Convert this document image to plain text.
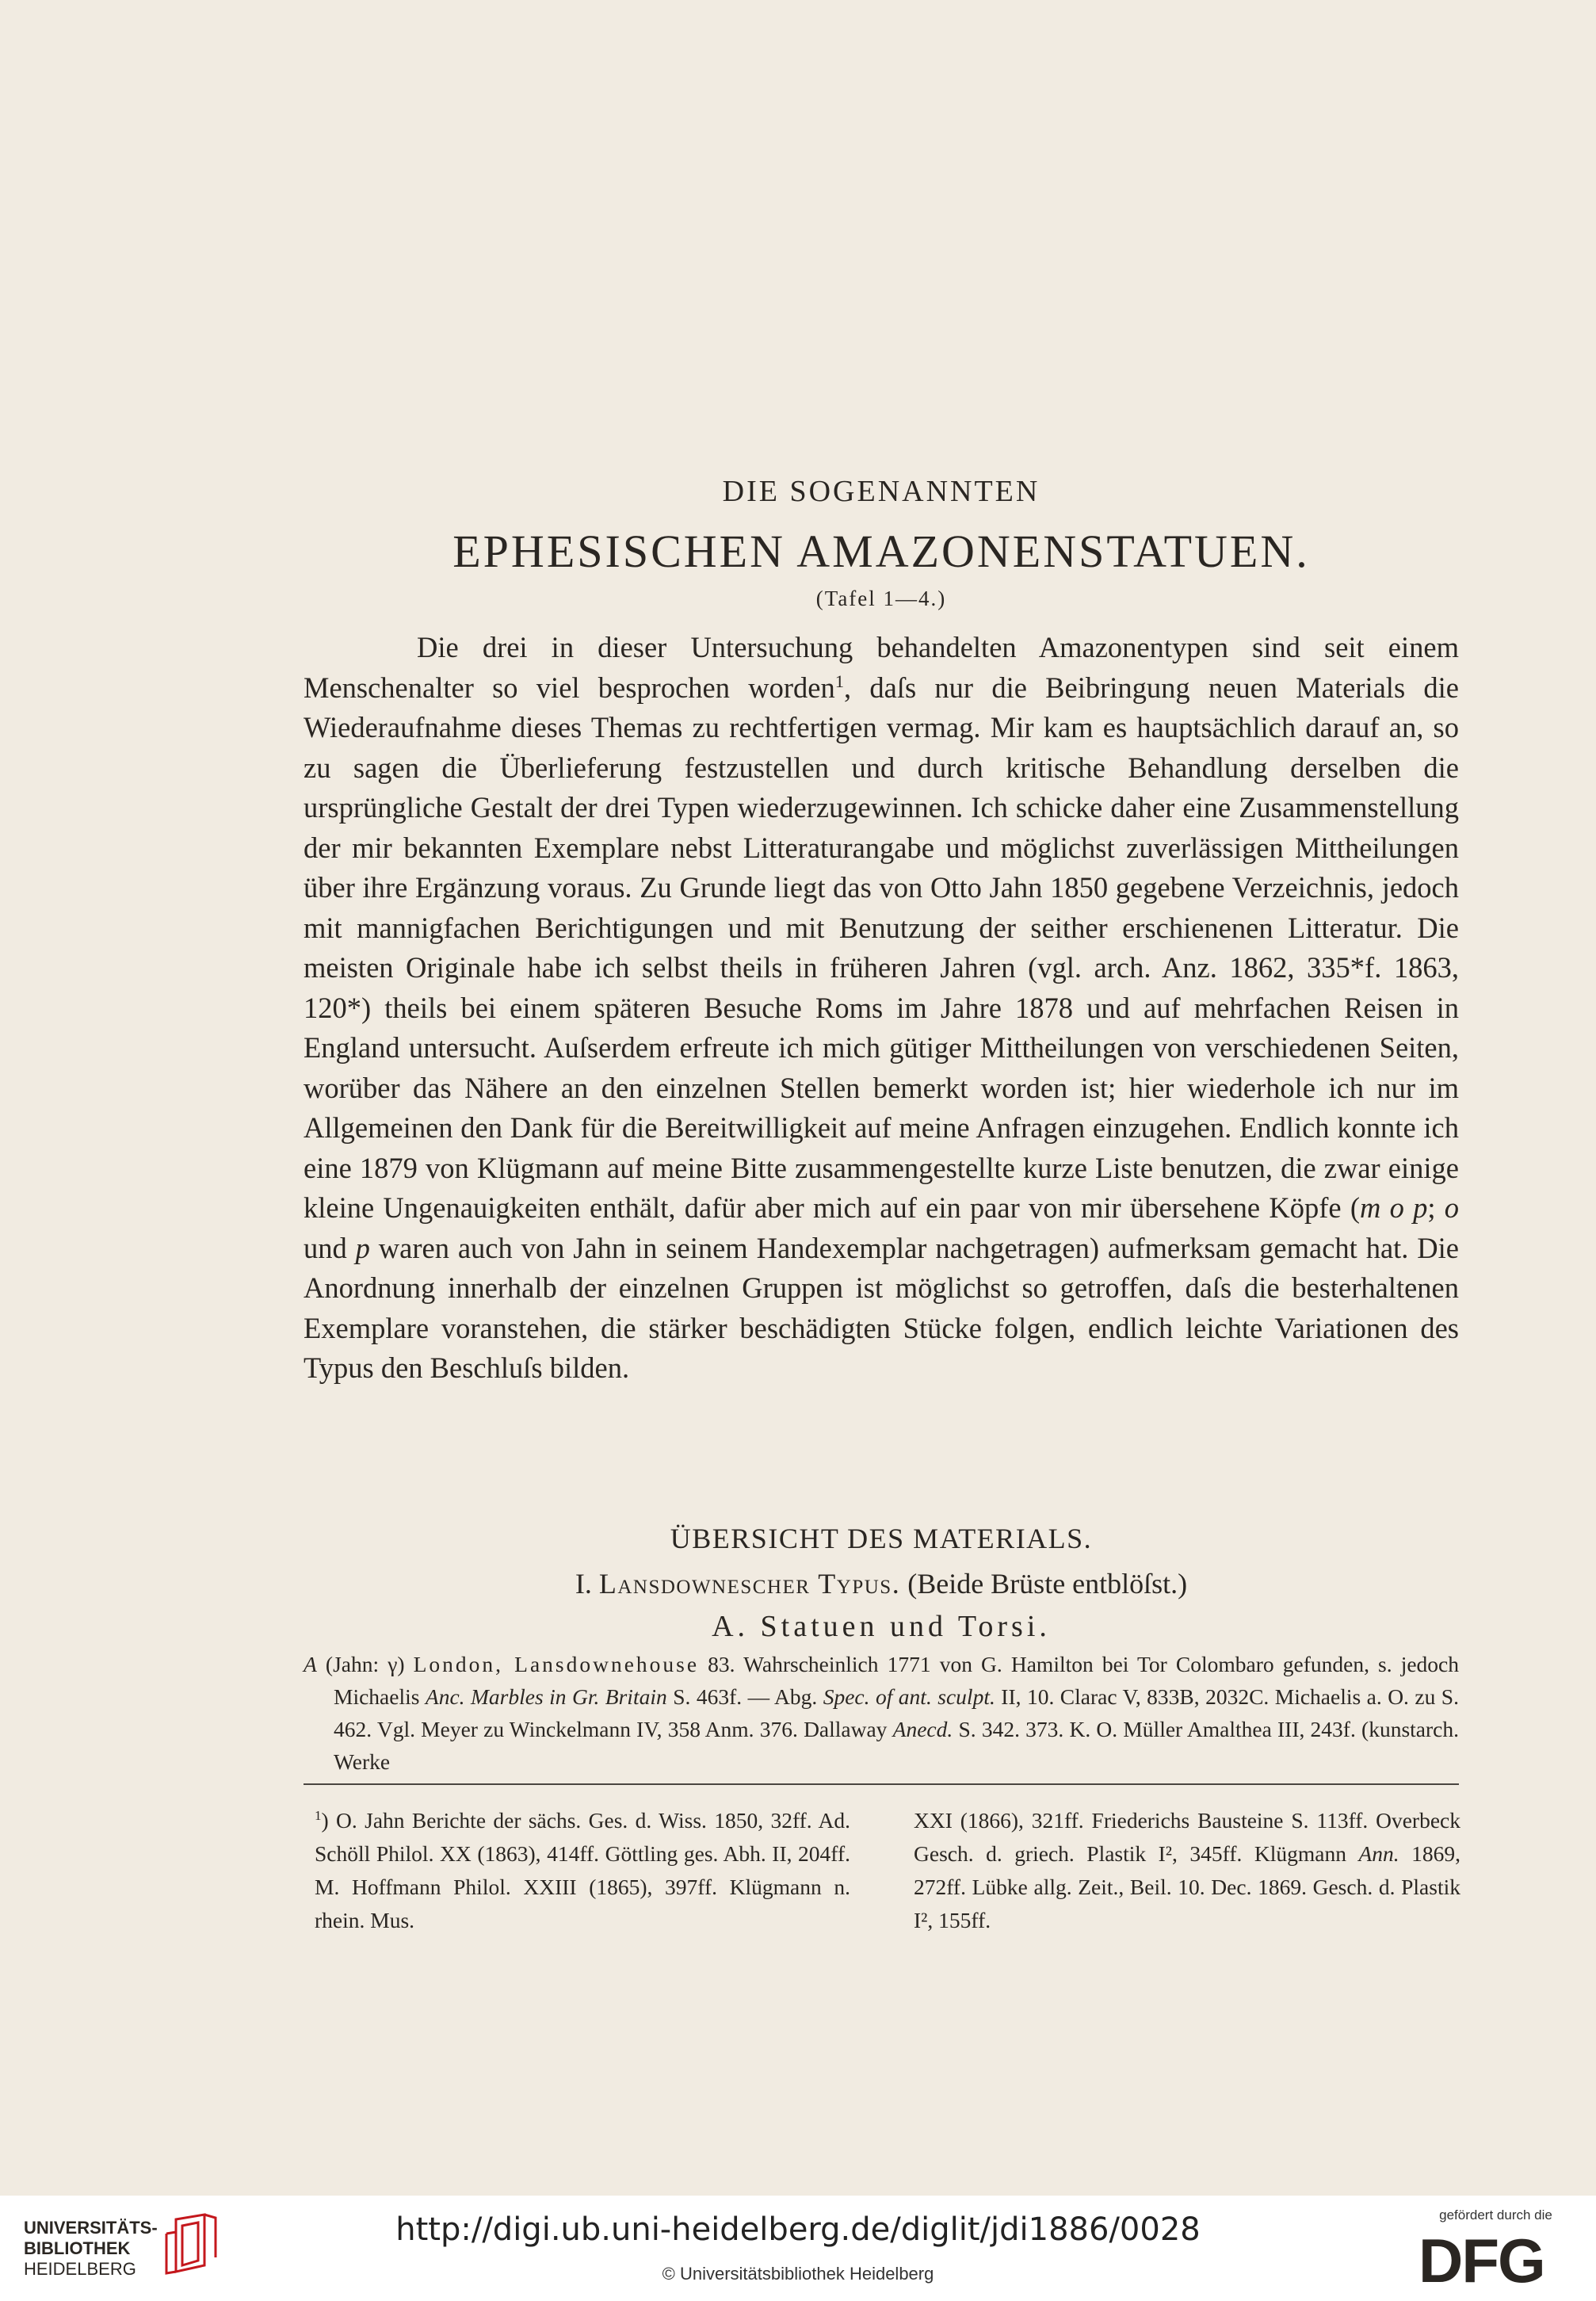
DIE SOGENANNTEN
EPHESISCHEN AMAZONENSTATUEN.
(Tafel 1—4.)

Die drei in dieser Untersuchung behandelten Amazonentypen sind seit einem Menschenalter so viel besprochen worden$^1$, daſs nur die Beibringung neuen Materials die Wiederaufnahme dieses Themas zu rechtfertigen vermag. Mir kam es hauptsächlich darauf an, so zu sagen die Überlieferung festzustellen und durch kritische Behandlung derselben die ursprüngliche Gestalt der drei Typen wiederzugewinnen. Ich schicke daher eine Zusammenstellung der mir bekannten Exemplare nebst Litteraturangabe und möglichst zuverlässigen Mittheilungen über ihre Ergänzung voraus. Zu Grunde liegt das von Otto Jahn 1850 gegebene Verzeichnis, jedoch mit mannigfachen Berichtigungen und mit Benutzung der seither erschienenen Litteratur. Die meisten Originale habe ich selbst theils in früheren Jahren (vgl. arch. Anz. 1862, 335*f. 1863, 120*) theils bei einem späteren Besuche Roms im Jahre 1878 und auf mehrfachen Reisen in England untersucht. Auſserdem erfreute ich mich gütiger Mittheilungen von verschiedenen Seiten, worüber das Nähere an den einzelnen Stellen bemerkt worden ist; hier wiederhole ich nur im Allgemeinen den Dank für die Bereitwilligkeit auf meine Anfragen einzugehen. Endlich konnte ich eine 1879 von Klügmann auf meine Bitte zusammengestellte kurze Liste benutzen, die zwar einige kleine Ungenauigkeiten enthält, dafür aber mich auf ein paar von mir übersehene Köpfe (m o p; o und p waren auch von Jahn in seinem Handexemplar nachgetragen) aufmerksam gemacht hat. Die Anordnung innerhalb der einzelnen Gruppen ist möglichst so getroffen, daſs die besterhaltenen Exemplare voranstehen, die stärker beschädigten Stücke folgen, endlich leichte Variationen des Typus den Beschluſs bilden.

ÜBERSICHT DES MATERIALS.
I. Lansdownescher Typus. (Beide Brüste entblöſst.)
A. Statuen und Torsi.

A (Jahn: γ) London, Lansdownehouse 83. Wahrscheinlich 1771 von G. Hamilton bei Tor Colombaro gefunden, s. jedoch Michaelis Anc. Marbles in Gr. Britain S. 463f. — Abg. Spec. of ant. sculpt. II, 10. Clarac V, 833B, 2032C. Michaelis a. O. zu S. 462. Vgl. Meyer zu Winckelmann IV, 358 Anm. 376. Dallaway Anecd. S. 342. 373. K. O. Müller Amalthea III, 243f. (kunstarch. Werke

$^1$) O. Jahn Berichte der sächs. Ges. d. Wiss. 1850, 32ff. Ad. Schöll Philol. XX (1863), 414ff. Göttling ges. Abh. II, 204ff. M. Hoffmann Philol. XXIII (1865), 397ff. Klügmann n. rhein. Mus.

XXI (1866), 321ff. Friederichs Bausteine S. 113ff. Overbeck Gesch. d. griech. Plastik I², 345ff. Klügmann Ann. 1869, 272ff. Lübke allg. Zeit., Beil. 10. Dec. 1869. Gesch. d. Plastik I², 155ff.

UNIVERSITÄTS-
BIBLIOTHEK
HEIDELBERG
http://digi.ub.uni-heidelberg.de/diglit/jdi1886/0028
© Universitätsbibliothek Heidelberg
gefördert durch die
DFG
